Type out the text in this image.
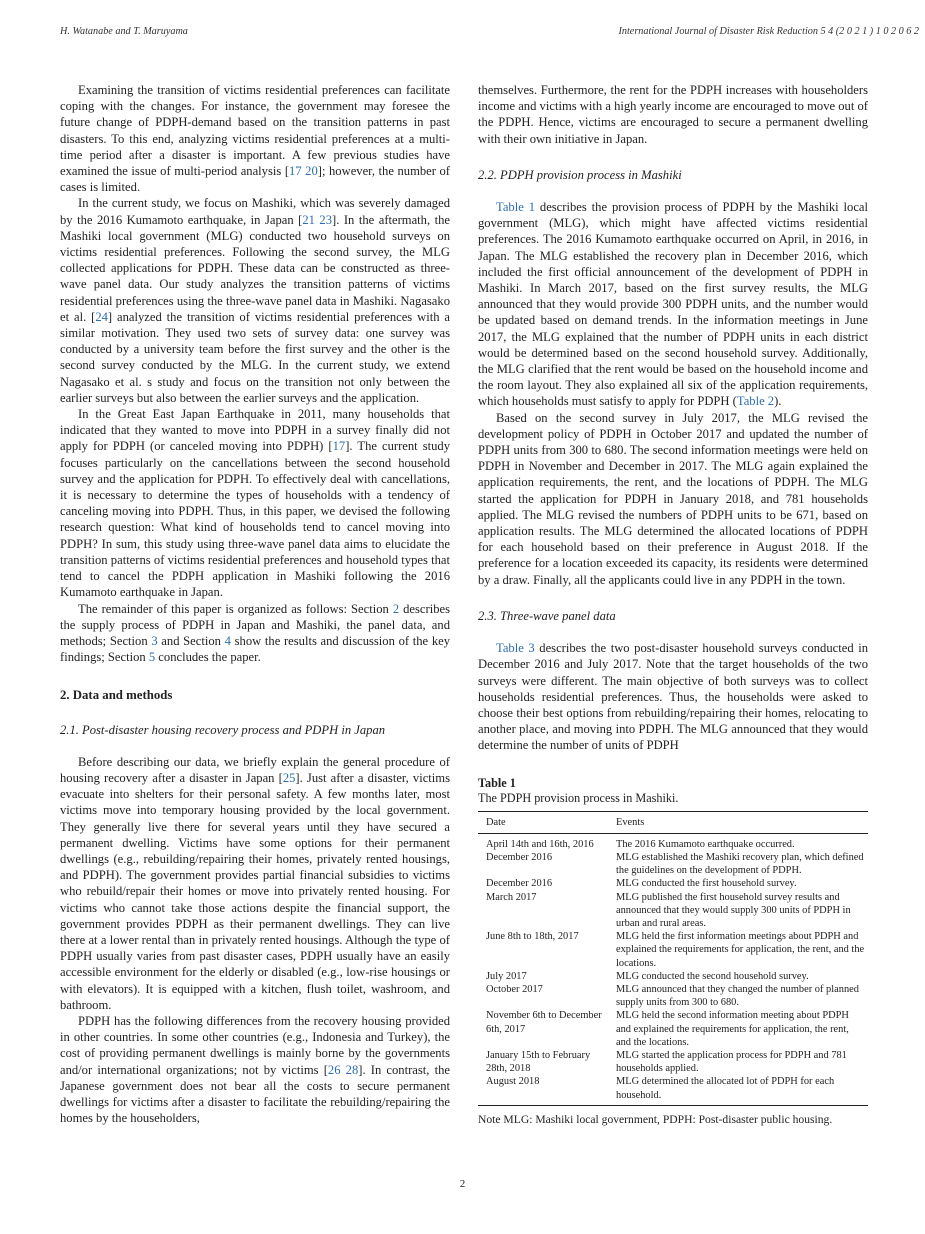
H. Watanabe and T. Maruyama	International Journal of Disaster Risk Reduction 5 4 (2 0 2 1 ) 1 0 2 0 6 2

Examining the transition of victims residential preferences can facilitate coping with the changes. For instance, the government may foresee the future change of PDPH-demand based on the transition patterns in past disasters. To this end, analyzing victims residential preferences at a multi-time period after a disaster is important. A few previous studies have examined the issue of multi-period analysis [17 20]; however, the number of cases is limited.

In the current study, we focus on Mashiki, which was severely damaged by the 2016 Kumamoto earthquake, in Japan [21 23]. In the aftermath, the Mashiki local government (MLG) conducted two household surveys on victims residential preferences. Following the second survey, the MLG collected applications for PDPH. These data can be constructed as three-wave panel data. Our study analyzes the transition patterns of victims residential preferences using the three-wave panel data in Mashiki. Nagasako et al. [24] analyzed the transition of victims residential preferences with a similar motivation. They used two sets of survey data: one survey was conducted by a university team before the first survey and the other is the second survey conducted by the MLG. In the current study, we extend Nagasako et al. s study and focus on the transition not only between the earlier surveys but also between the earlier surveys and the application.

In the Great East Japan Earthquake in 2011, many households that indicated that they wanted to move into PDPH in a survey finally did not apply for PDPH (or canceled moving into PDPH) [17]. The current study focuses particularly on the cancellations between the second household survey and the application for PDPH. To effectively deal with cancellations, it is necessary to determine the types of households with a tendency of canceling moving into PDPH. Thus, in this paper, we devised the following research question: What kind of households tend to cancel moving into PDPH? In sum, this study using three-wave panel data aims to elucidate the transition patterns of victims residential preferences and household types that tend to cancel the PDPH application in Mashiki following the 2016 Kumamoto earthquake in Japan.

The remainder of this paper is organized as follows: Section 2 describes the supply process of PDPH in Japan and Mashiki, the panel data, and methods; Section 3 and Section 4 show the results and discussion of the key findings; Section 5 concludes the paper.

2. Data and methods
2.1. Post-disaster housing recovery process and PDPH in Japan

Before describing our data, we briefly explain the general procedure of housing recovery after a disaster in Japan [25]. Just after a disaster, victims evacuate into shelters for their personal safety. A few months later, most victims move into temporary housing provided by the local government. They generally live there for several years until they have secured a permanent dwelling. Victims have some options for their permanent dwellings (e.g., rebuilding/repairing their homes, privately rented housings, and PDPH). The government provides partial financial subsidies to victims who rebuild/repair their homes or move into privately rented housing. For victims who cannot take those actions despite the financial support, the government provides PDPH as their permanent dwellings. They can live there at a lower rental than in privately rented housings. Although the type of PDPH usually varies from past disaster cases, PDPH usually have an easily accessible environment for the elderly or disabled (e.g., low-rise housings or with elevators). It is equipped with a kitchen, flush toilet, washroom, and bathroom.

PDPH has the following differences from the recovery housing provided in other countries. In some other countries (e.g., Indonesia and Turkey), the cost of providing permanent dwellings is mainly borne by the governments and/or international organizations; not by victims [26 28]. In contrast, the Japanese government does not bear all the costs to secure permanent dwellings for victims after a disaster to facilitate the rebuilding/repairing the homes by the householders,

themselves. Furthermore, the rent for the PDPH increases with householders income and victims with a high yearly income are encouraged to move out of the PDPH. Hence, victims are encouraged to secure a permanent dwelling with their own initiative in Japan.

2.2. PDPH provision process in Mashiki

Table 1 describes the provision process of PDPH by the Mashiki local government (MLG), which might have affected victims residential preferences. The 2016 Kumamoto earthquake occurred on April, in 2016, in Japan. The MLG established the recovery plan in December 2016, which included the first official announcement of the development of PDPH in Mashiki. In March 2017, based on the first survey results, the MLG announced that they would provide 300 PDPH units, and the number would be updated based on demand trends. In the information meetings in June 2017, the MLG explained that the number of PDPH units in each district would be determined based on the second household survey. Additionally, the MLG clarified that the rent would be based on the household income and the room layout. They also explained all six of the application requirements, which households must satisfy to apply for PDPH (Table 2).

Based on the second survey in July 2017, the MLG revised the development policy of PDPH in October 2017 and updated the number of PDPH units from 300 to 680. The second information meetings were held on PDPH in November and December in 2017. The MLG again explained the application requirements, the rent, and the locations of PDPH. The MLG started the application for PDPH in January 2018, and 781 households applied. The MLG revised the numbers of PDPH units to be 671, based on application results. The MLG determined the allocated locations of PDPH for each household based on their preference in August 2018. If the preference for a location exceeded its capacity, its residents were determined by a draw. Finally, all the applicants could live in any PDPH in the town.

2.3. Three-wave panel data

Table 3 describes the two post-disaster household surveys conducted in December 2016 and July 2017. Note that the target households of the two surveys were different. The main objective of both surveys was to collect households residential preferences. Thus, the households were asked to choose their best options from rebuilding/repairing their homes, relocating to another place, and moving into PDPH. The MLG announced that they would determine the number of units of PDPH

Table 1
The PDPH provision process in Mashiki.
Date	Events
April 14th and 16th, 2016	The 2016 Kumamoto earthquake occurred.
December 2016	MLG established the Mashiki recovery plan, which defined the guidelines on the development of PDPH.
December 2016	MLG conducted the first household survey.
March 2017	MLG published the first household survey results and announced that they would supply 300 units of PDPH in urban and rural areas.
June 8th to 18th, 2017	MLG held the first information meetings about PDPH and explained the requirements for application, the rent, and the locations.
July 2017	MLG conducted the second household survey.
October 2017	MLG announced that they changed the number of planned supply units from 300 to 680.
November 6th to December 6th, 2017	MLG held the second information meeting about PDPH and explained the requirements for application, the rent, and the locations.
January 15th to February 28th, 2018	MLG started the application process for PDPH and 781 households applied.
August 2018	MLG determined the allocated lot of PDPH for each household.
Note MLG: Mashiki local government, PDPH: Post-disaster public housing.
2
